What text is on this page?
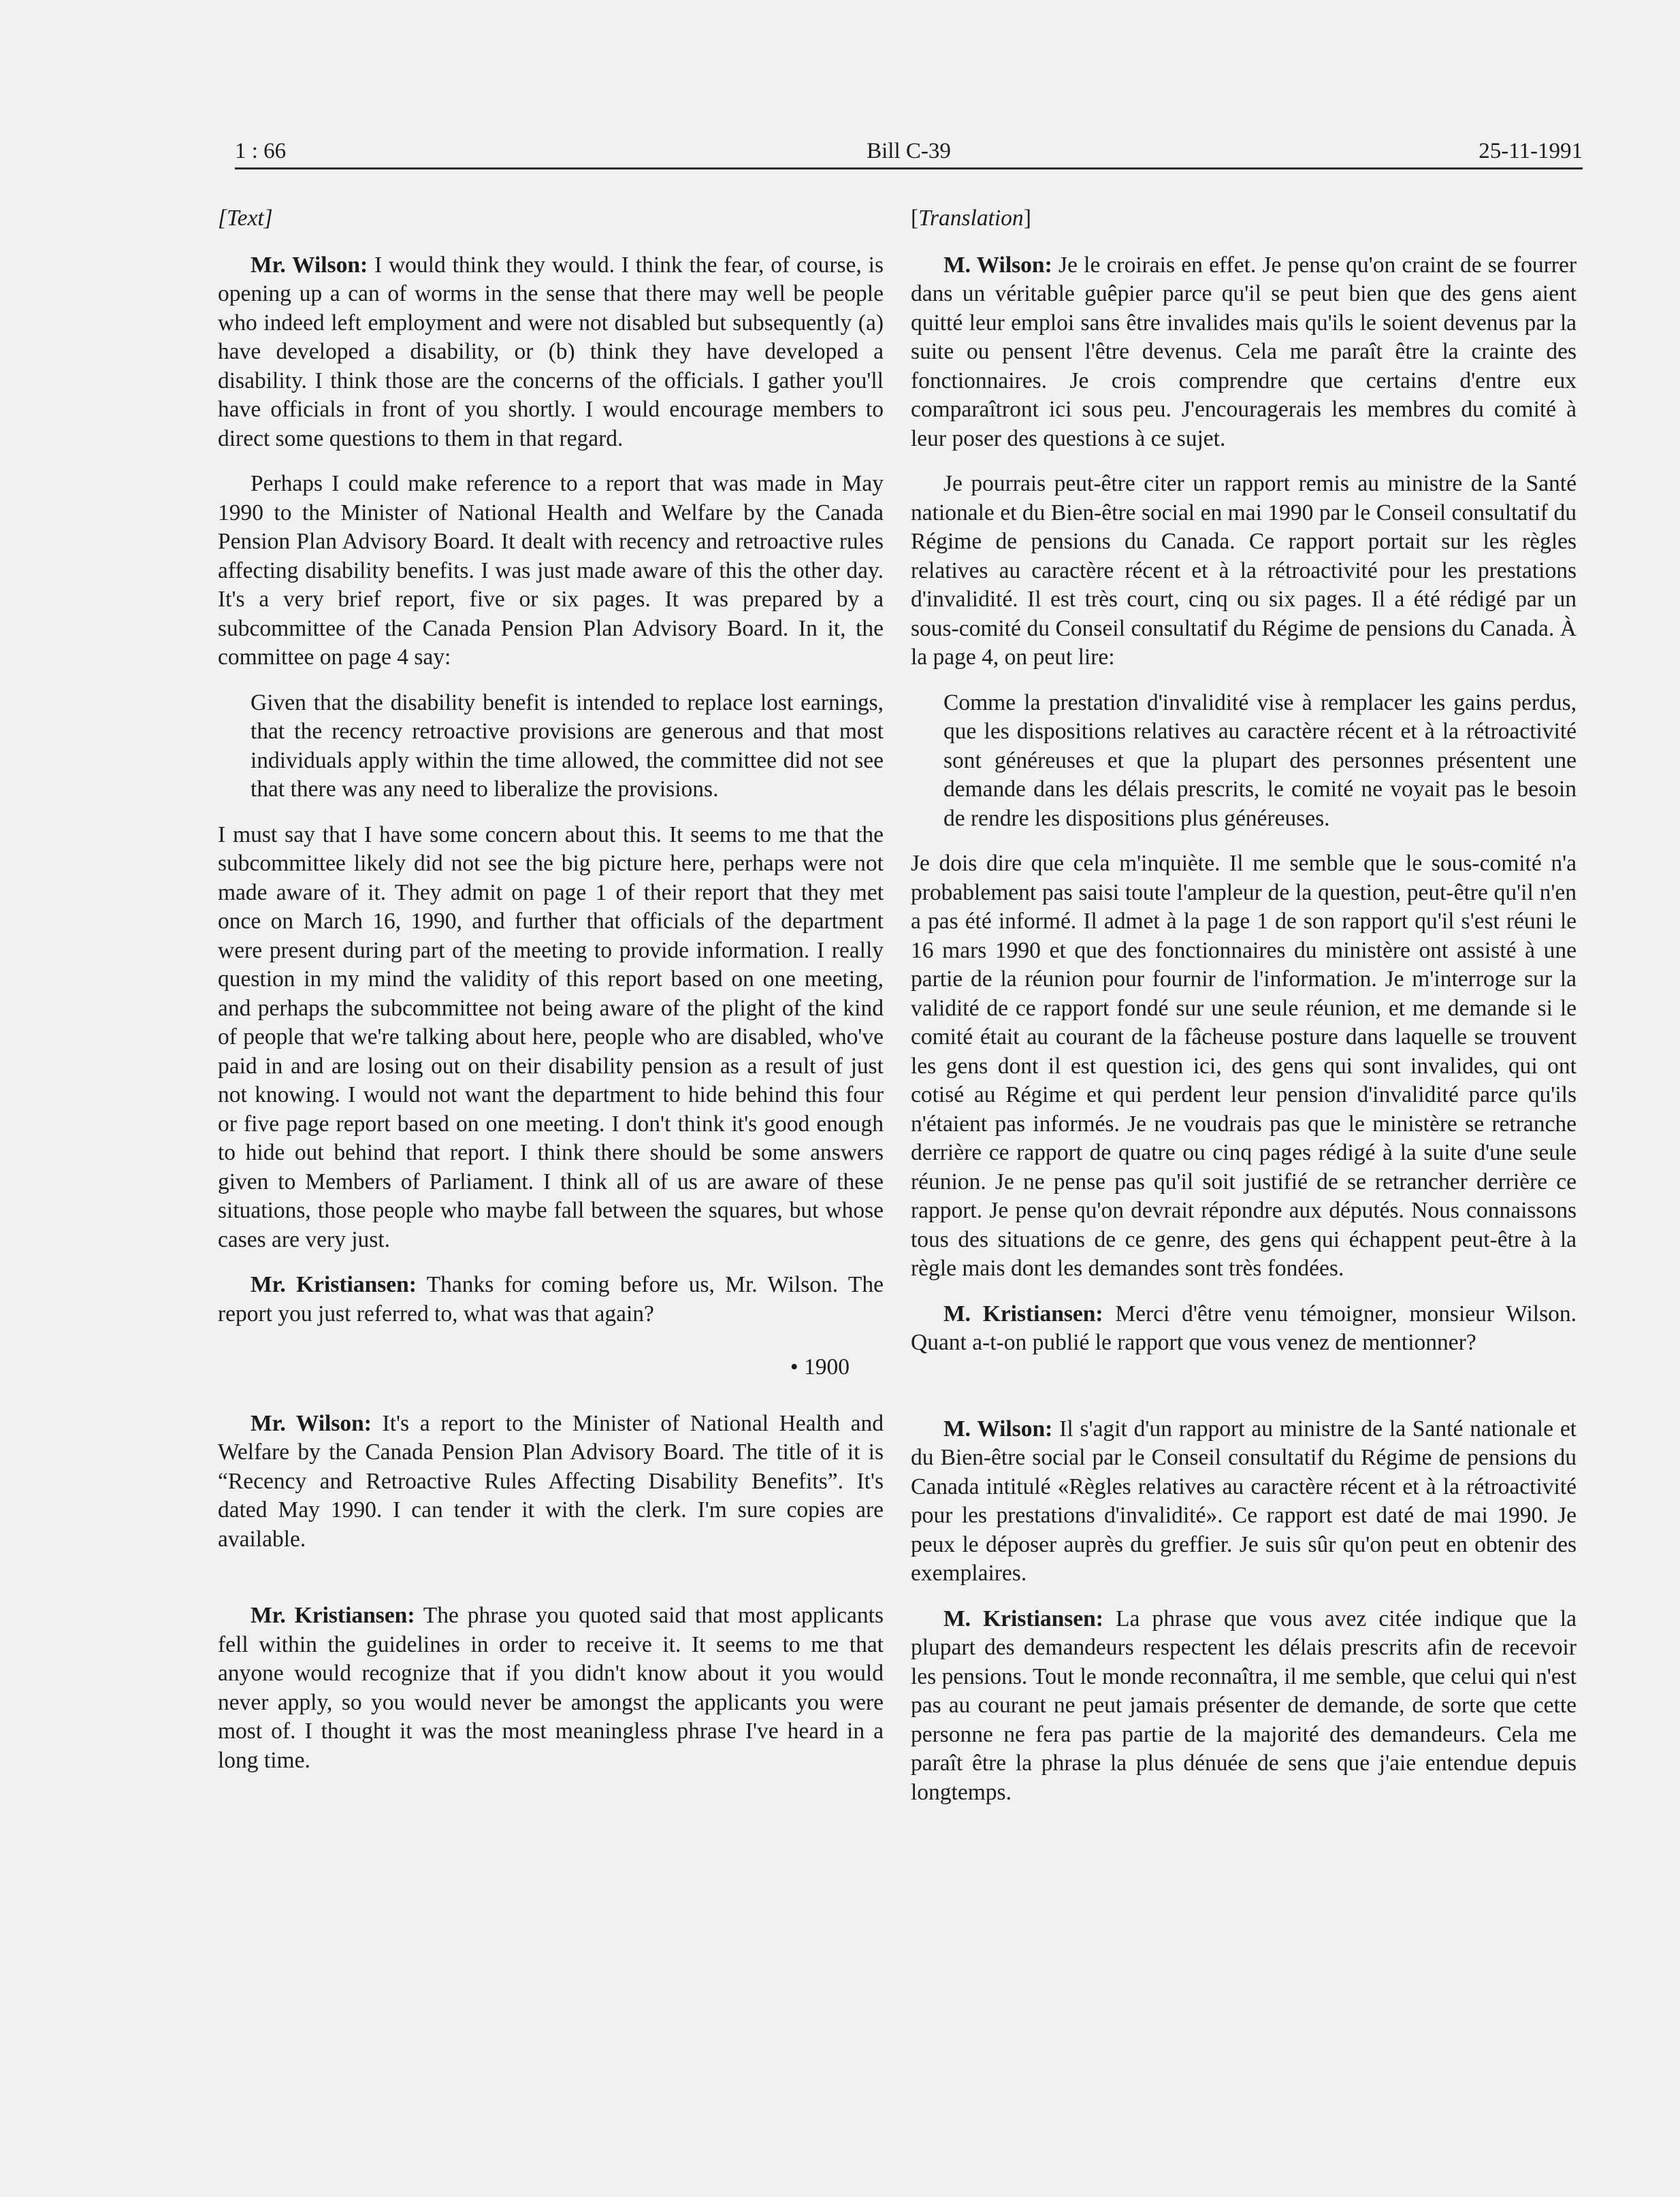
Bill C-39
1 : 66	25-11-1991
[Text]

Mr. Wilson: I would think they would. I think the fear, of course, is opening up a can of worms in the sense that there may well be people who indeed left employment and were not disabled but subsequently (a) have developed a disability, or (b) think they have developed a disability. I think those are the concerns of the officials. I gather you'll have officials in front of you shortly. I would encourage members to direct some questions to them in that regard.

Perhaps I could make reference to a report that was made in May 1990 to the Minister of National Health and Welfare by the Canada Pension Plan Advisory Board. It dealt with recency and retroactive rules affecting disability benefits. I was just made aware of this the other day. It's a very brief report, five or six pages. It was prepared by a subcommittee of the Canada Pension Plan Advisory Board. In it, the committee on page 4 say:

Given that the disability benefit is intended to replace lost earnings, that the recency retroactive provisions are generous and that most individuals apply within the time allowed, the committee did not see that there was any need to liberalize the provisions.

I must say that I have some concern about this. It seems to me that the subcommittee likely did not see the big picture here, perhaps were not made aware of it. They admit on page 1 of their report that they met once on March 16, 1990, and further that officials of the department were present during part of the meeting to provide information. I really question in my mind the validity of this report based on one meeting, and perhaps the subcommittee not being aware of the plight of the kind of people that we're talking about here, people who are disabled, who've paid in and are losing out on their disability pension as a result of just not knowing. I would not want the department to hide behind this four or five page report based on one meeting. I don't think it's good enough to hide out behind that report. I think there should be some answers given to Members of Parliament. I think all of us are aware of these situations, those people who maybe fall between the squares, but whose cases are very just.

Mr. Kristiansen: Thanks for coming before us, Mr. Wilson. The report you just referred to, what was that again?

• 1900

Mr. Wilson: It's a report to the Minister of National Health and Welfare by the Canada Pension Plan Advisory Board. The title of it is “Recency and Retroactive Rules Affecting Disability Benefits”. It's dated May 1990. I can tender it with the clerk. I'm sure copies are available.

Mr. Kristiansen: The phrase you quoted said that most applicants fell within the guidelines in order to receive it. It seems to me that anyone would recognize that if you didn't know about it you would never apply, so you would never be amongst the applicants you were most of. I thought it was the most meaningless phrase I've heard in a long time.

[Translation]

M. Wilson: Je le croirais en effet. Je pense qu'on craint de se fourrer dans un véritable guêpier parce qu'il se peut bien que des gens aient quitté leur emploi sans être invalides mais qu'ils le soient devenus par la suite ou pensent l'être devenus. Cela me paraît être la crainte des fonctionnaires. Je crois comprendre que certains d'entre eux comparaîtront ici sous peu. J'encouragerais les membres du comité à leur poser des questions à ce sujet.

Je pourrais peut-être citer un rapport remis au ministre de la Santé nationale et du Bien-être social en mai 1990 par le Conseil consultatif du Régime de pensions du Canada. Ce rapport portait sur les règles relatives au caractère récent et à la rétroactivité pour les prestations d'invalidité. Il est très court, cinq ou six pages. Il a été rédigé par un sous-comité du Conseil consultatif du Régime de pensions du Canada. À la page 4, on peut lire:

Comme la prestation d'invalidité vise à remplacer les gains perdus, que les dispositions relatives au caractère récent et à la rétroactivité sont généreuses et que la plupart des personnes présentent une demande dans les délais prescrits, le comité ne voyait pas le besoin de rendre les dispositions plus généreuses.

Je dois dire que cela m'inquiète. Il me semble que le sous-comité n'a probablement pas saisi toute l'ampleur de la question, peut-être qu'il n'en a pas été informé. Il admet à la page 1 de son rapport qu'il s'est réuni le 16 mars 1990 et que des fonctionnaires du ministère ont assisté à une partie de la réunion pour fournir de l'information. Je m'interroge sur la validité de ce rapport fondé sur une seule réunion, et me demande si le comité était au courant de la fâcheuse posture dans laquelle se trouvent les gens dont il est question ici, des gens qui sont invalides, qui ont cotisé au Régime et qui perdent leur pension d'invalidité parce qu'ils n'étaient pas informés. Je ne voudrais pas que le ministère se retranche derrière ce rapport de quatre ou cinq pages rédigé à la suite d'une seule réunion. Je ne pense pas qu'il soit justifié de se retrancher derrière ce rapport. Je pense qu'on devrait répondre aux députés. Nous connaissons tous des situations de ce genre, des gens qui échappent peut-être à la règle mais dont les demandes sont très fondées.

M. Kristiansen: Merci d'être venu témoigner, monsieur Wilson. Quant a-t-on publié le rapport que vous venez de mentionner?

M. Wilson: Il s'agit d'un rapport au ministre de la Santé nationale et du Bien-être social par le Conseil consultatif du Régime de pensions du Canada intitulé «Règles relatives au caractère récent et à la rétroactivité pour les prestations d'invalidité». Ce rapport est daté de mai 1990. Je peux le déposer auprès du greffier. Je suis sûr qu'on peut en obtenir des exemplaires.

M. Kristiansen: La phrase que vous avez citée indique que la plupart des demandeurs respectent les délais prescrits afin de recevoir les pensions. Tout le monde reconnaîtra, il me semble, que celui qui n'est pas au courant ne peut jamais présenter de demande, de sorte que cette personne ne fera pas partie de la majorité des demandeurs. Cela me paraît être la phrase la plus dénuée de sens que j'aie entendue depuis longtemps.
